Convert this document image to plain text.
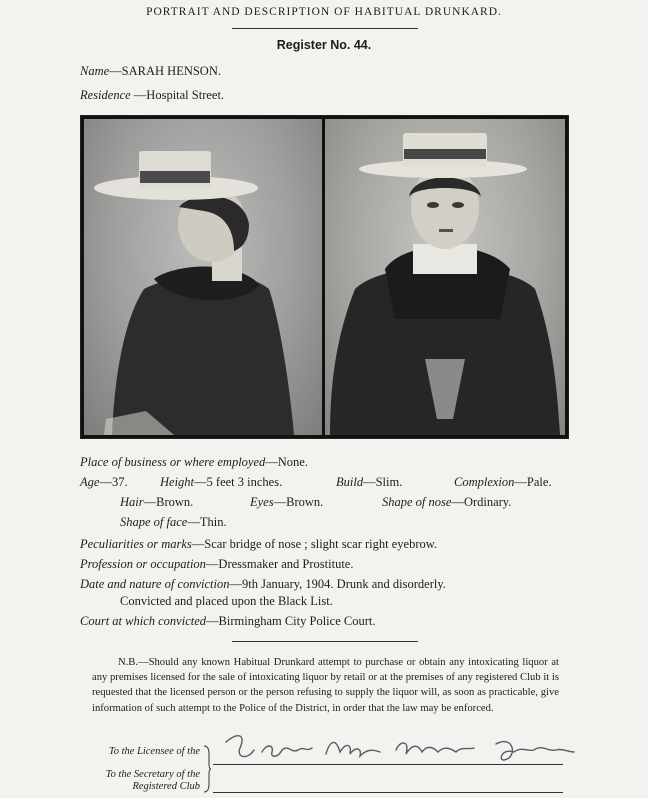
PORTRAIT AND DESCRIPTION OF HABITUAL DRUNKARD.
Register No. 44.
Name—SARAH HENSON.
Residence —Hospital Street.
Place of business or where employed—None.
Age—37.	Height—5 feet 3 inches.	Build—Slim.	Complexion—Pale.
Hair—Brown.	Eyes—Brown.	Shape of nose—Ordinary.
Shape of face—Thin.
Peculiarities or marks—Scar bridge of nose ; slight scar right eyebrow.
Profession or occupation—Dressmaker and Prostitute.
Date and nature of conviction—9th January, 1904. Drunk and disorderly.
Convicted and placed upon the Black List.
Court at which convicted—Birmingham City Police Court.

N.B.—Should any known Habitual Drunkard attempt to purchase or obtain any intoxicating liquor at any premises licensed for the sale of intoxicating liquor by retail or at the premises of any registered Club it is requested that the licensed person or the person refusing to supply the liquor will, as soon as practicable, give information of such attempt to the Police of the District, in order that the law may be enforced.

To the Licensee of the
To the Secretary of the
Registered Club
